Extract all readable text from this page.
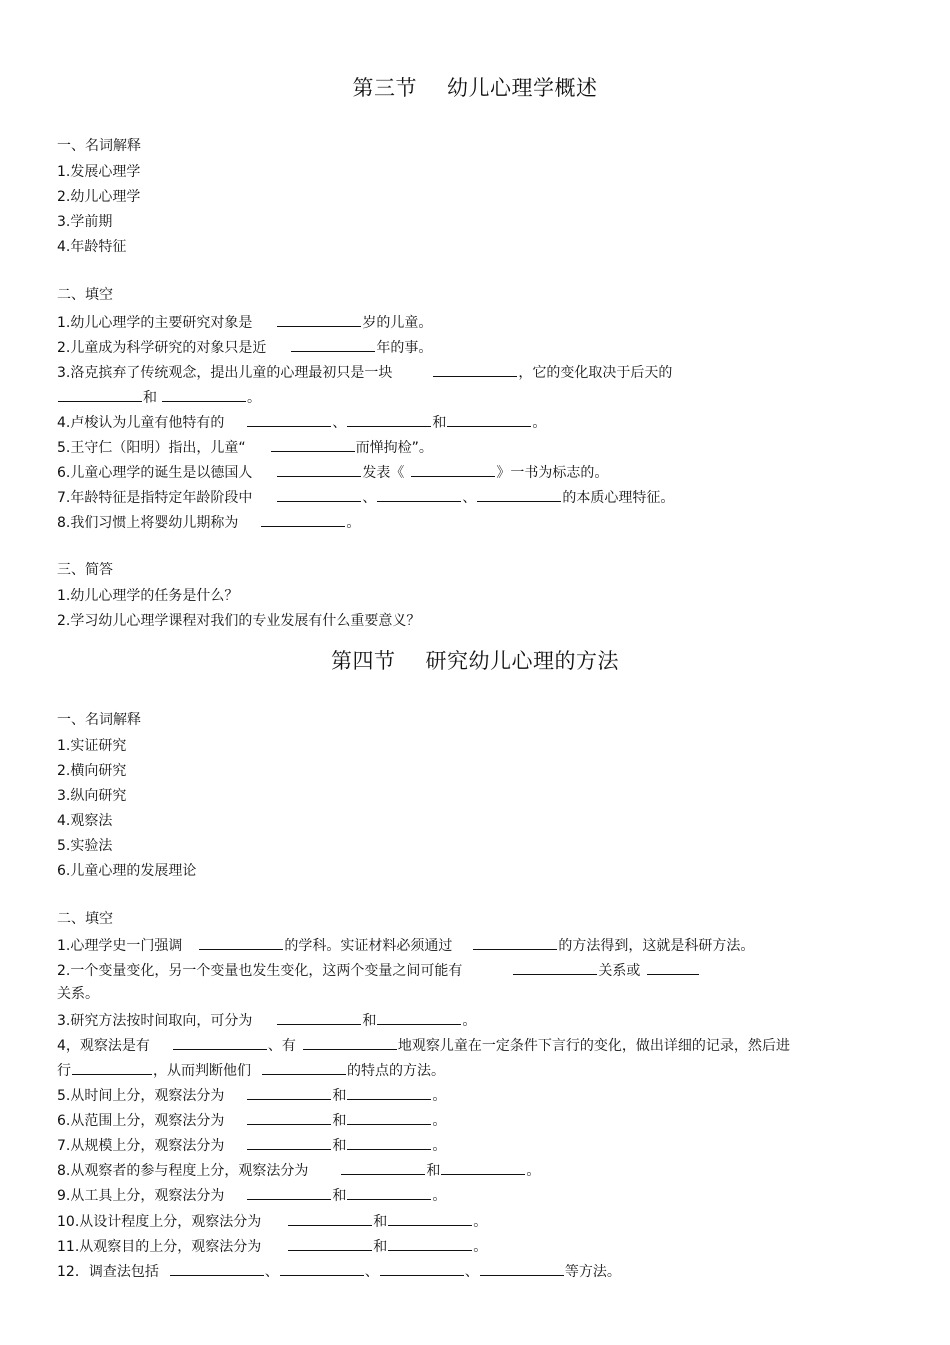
第三节 幼儿心理学概述
一、名词解释
1.发展心理学
2.幼儿心理学
3.学前期
4.年龄特征
二、填空
1.幼儿心理学的主要研究对象是	岁的儿童。
2.儿童成为科学研究的对象只是近	年的事。
3.洛克摈弃了传统观念，提出儿童的心理最初只是一块	，它的变化取决于后天的
和	。
4.卢梭认为儿童有他特有的	、	和	。
5.王守仁（阳明）指出，儿童“	而惮拘检”。
6.儿童心理学的诞生是以德国人	发表《	》一书为标志的。
7.年龄特征是指特定年龄阶段中	、	、	的本质心理特征。
8.我们习惯上将婴幼儿期称为	。
三、简答
1.幼儿心理学的任务是什么？
2.学习幼儿心理学课程对我们的专业发展有什么重要意义？
第四节 研究幼儿心理的方法
一、名词解释
1.实证研究
2.横向研究
3.纵向研究
4.观察法
5.实验法
6.儿童心理的发展理论
二、填空
1.心理学史一门强调	的学科。实证材料必须通过	的方法得到，这就是科研方法。
2.一个变量变化，另一个变量也发生变化，这两个变量之间可能有	关系或
关系。
3.研究方法按时间取向，可分为	和	。
4，观察法是有	、有	地观察儿童在一定条件下言行的变化，做出详细的记录，然后进
行	，从而判断他们	的特点的方法。
5.从时间上分，观察法分为	和	。
6.从范围上分，观察法分为	和	。
7.从规模上分，观察法分为	和	。
8.从观察者的参与程度上分，观察法分为	和	。
9.从工具上分，观察法分为	和	。
10.从设计程度上分，观察法分为	和	。
11.从观察目的上分，观察法分为	和	。
12．调查法包括	、	、	、	等方法。
